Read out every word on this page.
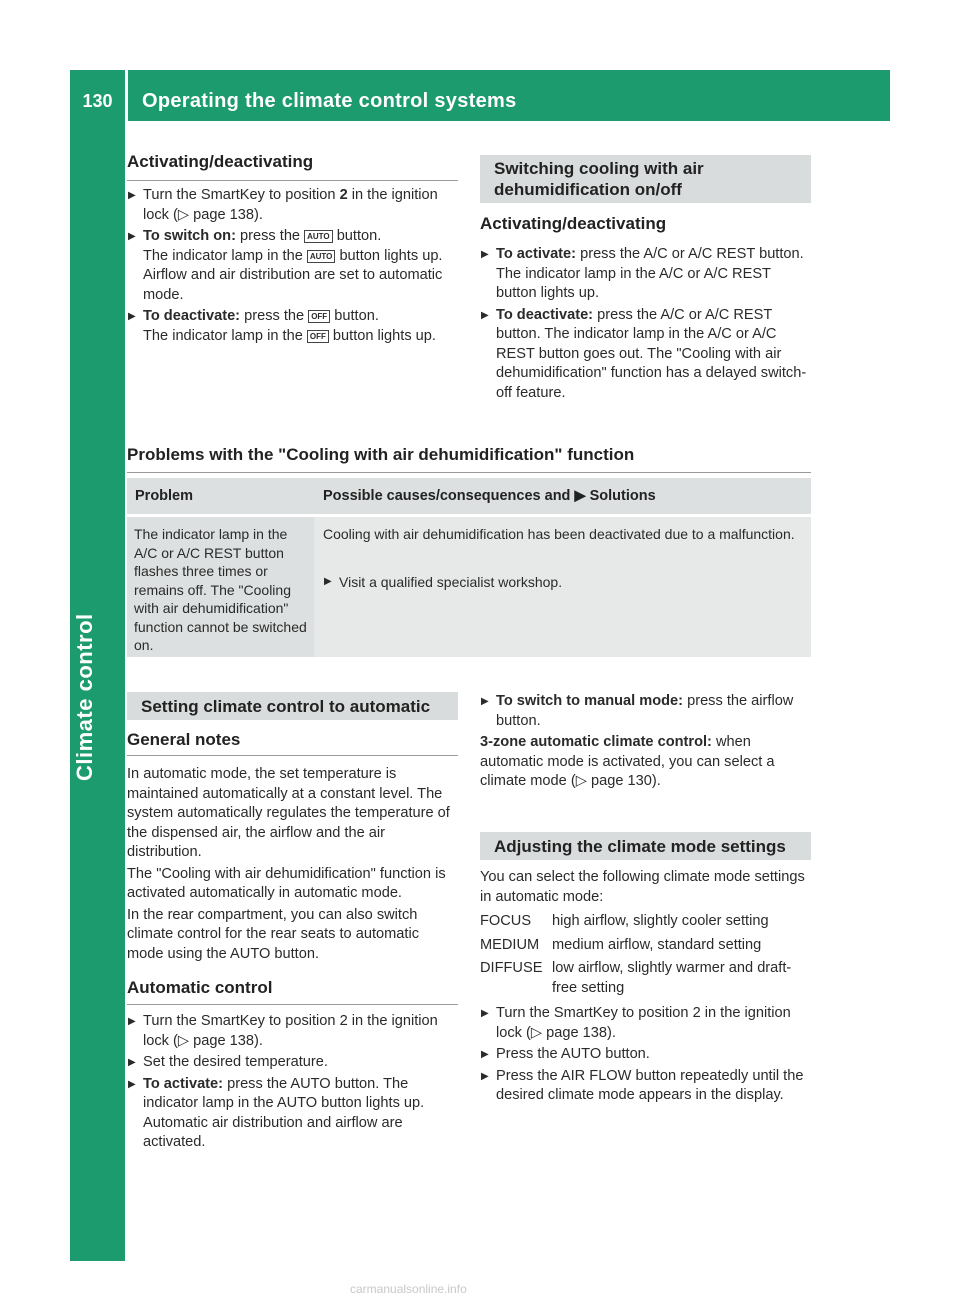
130	Operating the climate control systems
Climate control
Activating/deactivating
▶ Turn the SmartKey to position 2 in the ignition lock (▷ page 138).
▶ To switch on: press the AUTO button.
The indicator lamp in the AUTO button lights up. Airflow and air distribution are set to automatic mode.
▶ To deactivate: press the OFF button.
The indicator lamp in the OFF button lights up.
Switching cooling with air dehumidification on/off
Activating/deactivating
▶ To activate: press the A/C or A/C REST button. The indicator lamp in the A/C or A/C REST button lights up.
▶ To deactivate: press the A/C or A/C REST button. The indicator lamp in the A/C or A/C REST button goes out. The "Cooling with air dehumidification" function has a delayed switch-off feature.
Problems with the "Cooling with air dehumidification" function
Problem	Possible causes/consequences and ▶ Solutions
The indicator lamp in the A/C or A/C REST button flashes three times or remains off. The "Cooling with air dehumidification" function cannot be switched on.
Cooling with air dehumidification has been deactivated due to a malfunction.
▶ Visit a qualified specialist workshop.
Setting climate control to automatic
General notes

In automatic mode, the set temperature is maintained automatically at a constant level. The system automatically regulates the temperature of the dispensed air, the airflow and the air distribution.

The "Cooling with air dehumidification" function is activated automatically in automatic mode.

In the rear compartment, you can also switch climate control for the rear seats to automatic mode using the AUTO button.

Automatic control
▶ Turn the SmartKey to position 2 in the ignition lock (▷ page 138).
▶ Set the desired temperature.
▶ To activate: press the AUTO button. The indicator lamp in the AUTO button lights up. Automatic air distribution and airflow are activated.
▶ To switch to manual mode: press the airflow button.

3-zone automatic climate control: when automatic mode is activated, you can select a climate mode (▷ page 130).

Adjusting the climate mode settings
You can select the following climate mode settings in automatic mode:
FOCUS	high airflow, slightly cooler setting
MEDIUM medium airflow, standard setting
DIFFUSE low airflow, slightly warmer and draft-free setting
▶ Turn the SmartKey to position 2 in the ignition lock (▷ page 138).
▶ Press the AUTO button.
▶ Press the AIR FLOW button repeatedly until the desired climate mode appears in the display.
carmanualsonline.info
